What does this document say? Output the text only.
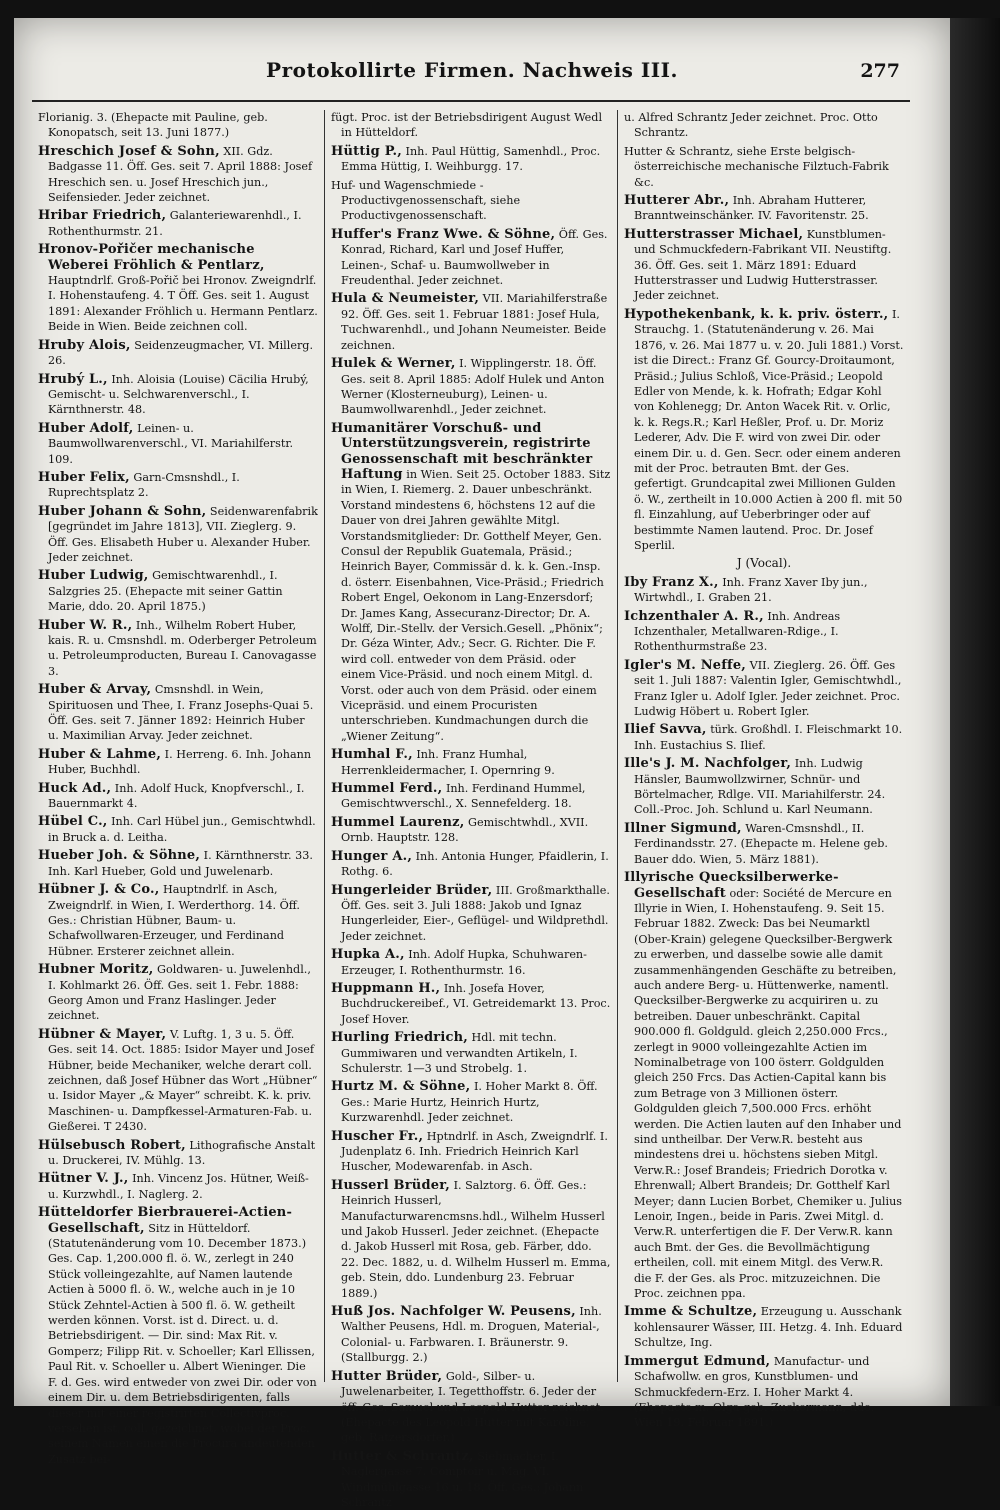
Protokollirte Firmen. Nachweis III.	277
Florianig. 3. (Ehepacte mit Pauline, geb. Konopatsch, seit 13. Juni 1877.)
Hreschich Josef & Sohn, XII. Gdz. Badgasse 11. Öff. Ges. seit 7. April 1888: Josef Hreschich sen. u. Josef Hreschich jun., Seifensieder. Jeder zeichnet.
Hribar Friedrich, Galanteriewarenhdl., I. Rothenthurmstr. 21.
Hronov-Pořičer mechanische Weberei Fröhlich & Pentlarz, Hauptndrlf. Groß-Pořič bei Hronov. Zweigndrlf. I. Hohenstaufeng. 4. T Öff. Ges. seit 1. August 1891: Alexander Fröhlich u. Hermann Pentlarz. Beide in Wien. Beide zeichnen coll.
Hruby Alois, Seidenzeugmacher, VI. Millerg. 26.
Hrubý L., Inh. Aloisia (Louise) Cäcilia Hrubý, Gemischt- u. Selchwarenverschl., I. Kärnthnerstr. 48.
Huber Adolf, Leinen- u. Baumwollwarenverschl., VI. Mariahilferstr. 109.
Huber Felix, Garn-Cmsnshdl., I. Ruprechtsplatz 2.
Huber Johann & Sohn, Seidenwarenfabrik [gegründet im Jahre 1813], VII. Zieglerg. 9. Öff. Ges. Elisabeth Huber u. Alexander Huber. Jeder zeichnet.
Huber Ludwig, Gemischtwarenhdl., I. Salzgries 25. (Ehepacte mit seiner Gattin Marie, ddo. 20. April 1875.)
Huber W. R., Inh., Wilhelm Robert Huber, kais. R. u. Cmsnshdl. m. Oderberger Petroleum u. Petroleumproducten, Bureau I. Canovagasse 3.
Huber & Arvay, Cmsnshdl. in Wein, Spirituosen und Thee, I. Franz Josephs-Quai 5. Öff. Ges. seit 7. Jänner 1892: Heinrich Huber u. Maximilian Arvay. Jeder zeichnet.
Huber & Lahme, I. Herreng. 6. Inh. Johann Huber, Buchhdl.
Huck Ad., Inh. Adolf Huck, Knopfverschl., I. Bauernmarkt 4.
Hübel C., Inh. Carl Hübel jun., Gemischtwhdl. in Bruck a. d. Leitha.
Hueber Joh. & Söhne, I. Kärnthnerstr. 33. Inh. Karl Hueber, Gold und Juwelenarb.
Hübner J. & Co., Hauptndrlf. in Asch, Zweigndrlf. in Wien, I. Werderthorg. 14. Öff. Ges.: Christian Hübner, Baum- u. Schafwollwaren-Erzeuger, und Ferdinand Hübner. Ersterer zeichnet allein.
Hubner Moritz, Goldwaren- u. Juwelenhdl., I. Kohlmarkt 26. Öff. Ges. seit 1. Febr. 1888: Georg Amon und Franz Haslinger. Jeder zeichnet.
Hübner & Mayer, V. Luftg. 1, 3 u. 5. Öff. Ges. seit 14. Oct. 1885: Isidor Mayer und Josef Hübner, beide Mechaniker, welche derart coll. zeichnen, daß Josef Hübner das Wort „Hübner“ u. Isidor Mayer „& Mayer“ schreibt. K. k. priv. Maschinen- u. Dampfkessel-Armaturen-Fab. u. Gießerei. T 2430.
Hülsebusch Robert, Lithografische Anstalt u. Druckerei, IV. Mühlg. 13.
Hütner V. J., Inh. Vincenz Jos. Hütner, Weiß- u. Kurzwhdl., I. Naglerg. 2.
Hütteldorfer Bierbrauerei-Actien-Gesellschaft, Sitz in Hütteldorf. (Statutenänderung vom 10. December 1873.) Ges. Cap. 1,200.000 fl. ö. W., zerlegt in 240 Stück volleingezahlte, auf Namen lautende Actien à 5000 fl. ö. W., welche auch in je 10 Stück Zehntel-Actien à 500 fl. ö. W. getheilt werden können. Vorst. ist d. Direct. u. d. Betriebsdirigent. — Dir. sind: Max Rit. v. Gomperz; Filipp Rit. v. Schoeller; Karl Ellissen, Paul Rit. v. Schoeller u. Albert Wieninger. Die F. d. Ges. wird entweder von zwei Dir. oder von einem Dir. u. dem Betriebsdirigenten, falls dieser mit einer registrirten Collectivproc. versehen ist, coll. gezeichnet, wobei der Proc. seinem Namen einen die Procura andeutenden Zusatz bei-
fügt. Proc. ist der Betriebsdirigent August Wedl in Hütteldorf.
Hüttig P., Inh. Paul Hüttig, Samenhdl., Proc. Emma Hüttig, I. Weihburgg. 17.
Huf- und Wagenschmiede - Productivgenossenschaft, siehe Productivgenossenschaft.
Huffer's Franz Wwe. & Söhne, Öff. Ges. Konrad, Richard, Karl und Josef Huffer, Leinen-, Schaf- u. Baumwollweber in Freudenthal. Jeder zeichnet.
Hula & Neumeister, VII. Mariahilferstraße 92. Öff. Ges. seit 1. Februar 1881: Josef Hula, Tuchwarenhdl., und Johann Neumeister. Beide zeichnen.
Hulek & Werner, I. Wipplingerstr. 18. Öff. Ges. seit 8. April 1885: Adolf Hulek und Anton Werner (Klosterneuburg), Leinen- u. Baumwollwarenhdl., Jeder zeichnet.
Humanitärer Vorschuß- und Unterstützungsverein, registrirte Genossenschaft mit beschränkter Haftung in Wien. Seit 25. October 1883. Sitz in Wien, I. Riemerg. 2. Dauer unbeschränkt. Vorstand mindestens 6, höchstens 12 auf die Dauer von drei Jahren gewählte Mitgl. Vorstandsmitglieder: Dr. Gotthelf Meyer, Gen. Consul der Republik Guatemala, Präsid.; Heinrich Bayer, Commissär d. k. k. Gen.-Insp. d. österr. Eisenbahnen, Vice-Präsid.; Friedrich Robert Engel, Oekonom in Lang-Enzersdorf; Dr. James Kang, Assecuranz-Director; Dr. A. Wolff, Dir.-Stellv. der Versich.Gesell. „Phönix“; Dr. Géza Winter, Adv.; Secr. G. Richter. Die F. wird coll. entweder von dem Präsid. oder einem Vice-Präsid. und noch einem Mitgl. d. Vorst. oder auch von dem Präsid. oder einem Vicepräsid. und einem Procuristen unterschrieben. Kundmachungen durch die „Wiener Zeitung“.
Humhal F., Inh. Franz Humhal, Herrenkleidermacher, I. Opernring 9.
Hummel Ferd., Inh. Ferdinand Hummel, Gemischtwverschl., X. Sennefelderg. 18.
Hummel Laurenz, Gemischtwhdl., XVII. Ornb. Hauptstr. 128.
Hunger A., Inh. Antonia Hunger, Pfaidlerin, I. Rothg. 6.
Hungerleider Brüder, III. Großmarkthalle. Öff. Ges. seit 3. Juli 1888: Jakob und Ignaz Hungerleider, Eier-, Geflügel- und Wildprethdl. Jeder zeichnet.
Hupka A., Inh. Adolf Hupka, Schuhwaren-Erzeuger, I. Rothenthurmstr. 16.
Huppmann H., Inh. Josefa Hover, Buchdruckereibef., VI. Getreidemarkt 13. Proc. Josef Hover.
Hurling Friedrich, Hdl. mit techn. Gummiwaren und verwandten Artikeln, I. Schulerstr. 1—3 und Strobelg. 1.
Hurtz M. & Söhne, I. Hoher Markt 8. Öff. Ges.: Marie Hurtz, Heinrich Hurtz, Kurzwarenhdl. Jeder zeichnet.
Huscher Fr., Hptndrlf. in Asch, Zweigndrlf. I. Judenplatz 6. Inh. Friedrich Heinrich Karl Huscher, Modewarenfab. in Asch.
Husserl Brüder, I. Salztorg. 6. Öff. Ges.: Heinrich Husserl, Manufacturwarencmsns.hdl., Wilhelm Husserl und Jakob Husserl. Jeder zeichnet. (Ehepacte d. Jakob Husserl mit Rosa, geb. Färber, ddo. 22. Dec. 1882, u. d. Wilhelm Husserl m. Emma, geb. Stein, ddo. Lundenburg 23. Februar 1889.)
Huß Jos. Nachfolger W. Peusens, Inh. Walther Peusens, Hdl. m. Droguen, Material-, Colonial- u. Farbwaren. I. Bräunerstr. 9. (Stallburgg. 2.)
Hutter Brüder, Gold-, Silber- u. Juwelenarbeiter, I. Tegetthoffstr. 6. Jeder der öff. Ges. Samuel und Leopold Hutter zeichnet. (Ehepacte des Leopold Hutter mit Karoline, geb. Ratzersdorfer.)
Hutter & Schrantz, Siebmacher, I. Naglergasse 7. Comptoir u. Mag. VI. Windmühlgasse 16 u. 18. Öff. Ges.: Johann Schrantz
u. Alfred Schrantz Jeder zeichnet. Proc. Otto Schrantz.
Hutter & Schrantz, siehe Erste belgisch-österreichische mechanische Filztuch-Fabrik &c.
Hutterer Abr., Inh. Abraham Hutterer, Branntweinschänker. IV. Favoritenstr. 25.
Hutterstrasser Michael, Kunstblumen- und Schmuckfedern-Fabrikant VII. Neustiftg. 36. Öff. Ges. seit 1. März 1891: Eduard Hutterstrasser und Ludwig Hutterstrasser. Jeder zeichnet.
Hypothekenbank, k. k. priv. österr., I. Strauchg. 1. (Statutenänderung v. 26. Mai 1876, v. 26. Mai 1877 u. v. 20. Juli 1881.) Vorst. ist die Direct.: Franz Gf. Gourcy-Droitaumont, Präsid.; Julius Schloß, Vice-Präsid.; Leopold Edler von Mende, k. k. Hofrath; Edgar Kohl von Kohlenegg; Dr. Anton Wacek Rit. v. Orlic, k. k. Regs.R.; Karl Heßler, Prof. u. Dr. Moriz Lederer, Adv. Die F. wird von zwei Dir. oder einem Dir. u. d. Gen. Secr. oder einem anderen mit der Proc. betrauten Bmt. der Ges. gefertigt. Grundcapital zwei Millionen Gulden ö. W., zertheilt in 10.000 Actien à 200 fl. mit 50 fl. Einzahlung, auf Ueberbringer oder auf bestimmte Namen lautend. Proc. Dr. Josef Sperlil.
J (Vocal).
Iby Franz X., Inh. Franz Xaver Iby jun., Wirtwhdl., I. Graben 21.
Ichzenthaler A. R., Inh. Andreas Ichzenthaler, Metallwaren-Rdige., I. Rothenthurmstraße 23.
Igler's M. Neffe, VII. Zieglerg. 26. Öff. Ges seit 1. Juli 1887: Valentin Igler, Gemischtwhdl., Franz Igler u. Adolf Igler. Jeder zeichnet. Proc. Ludwig Höbert u. Robert Igler.
Ilief Savva, türk. Großhdl. I. Fleischmarkt 10. Inh. Eustachius S. Ilief.
Ille's J. M. Nachfolger, Inh. Ludwig Hänsler, Baumwollzwirner, Schnür- und Börtelmacher, Rdlge. VII. Mariahilferstr. 24. Coll.-Proc. Joh. Schlund u. Karl Neumann.
Illner Sigmund, Waren-Cmsnshdl., II. Ferdinandsstr. 27. (Ehepacte m. Helene geb. Bauer ddo. Wien, 5. März 1881).
Illyrische Quecksilberwerke-Gesellschaft oder: Société de Mercure en Illyrie in Wien, I. Hohenstaufeng. 9. Seit 15. Februar 1882. Zweck: Das bei Neumarktl (Ober-Krain) gelegene Quecksilber-Bergwerk zu erwerben, und dasselbe sowie alle damit zusammenhängenden Geschäfte zu betreiben, auch andere Berg- u. Hüttenwerke, namentl. Quecksilber-Bergwerke zu acquiriren u. zu betreiben. Dauer unbeschränkt. Capital 900.000 fl. Goldguld. gleich 2,250.000 Frcs., zerlegt in 9000 volleingezahlte Actien im Nominalbetrage von 100 österr. Goldgulden gleich 250 Frcs. Das Actien-Capital kann bis zum Betrage von 3 Millionen österr. Goldgulden gleich 7,500.000 Frcs. erhöht werden. Die Actien lauten auf den Inhaber und sind untheilbar. Der Verw.R. besteht aus mindestens drei u. höchstens sieben Mitgl. Verw.R.: Josef Brandeis; Friedrich Dorotka v. Ehrenwall; Albert Brandeis; Dr. Gotthelf Karl Meyer; dann Lucien Borbet, Chemiker u. Julius Lenoir, Ingen., beide in Paris. Zwei Mitgl. d. Verw.R. unterfertigen die F. Der Verw.R. kann auch Bmt. der Ges. die Bevollmächtigung ertheilen, coll. mit einem Mitgl. des Verw.R. die F. der Ges. als Proc. mitzuzeichnen. Die Proc. zeichnen ppa.
Imme & Schultze, Erzeugung u. Ausschank kohlensaurer Wässer, III. Hetzg. 4. Inh. Eduard Schultze, Ing.
Immergut Edmund, Manufactur- und Schafwollw. en gros, Kunstblumen- und Schmuckfedern-Erz. I. Hoher Markt 4. (Ehepacte m. Olga geb. Zuckermann, ddo. Wien 19. Februar 1891.)
